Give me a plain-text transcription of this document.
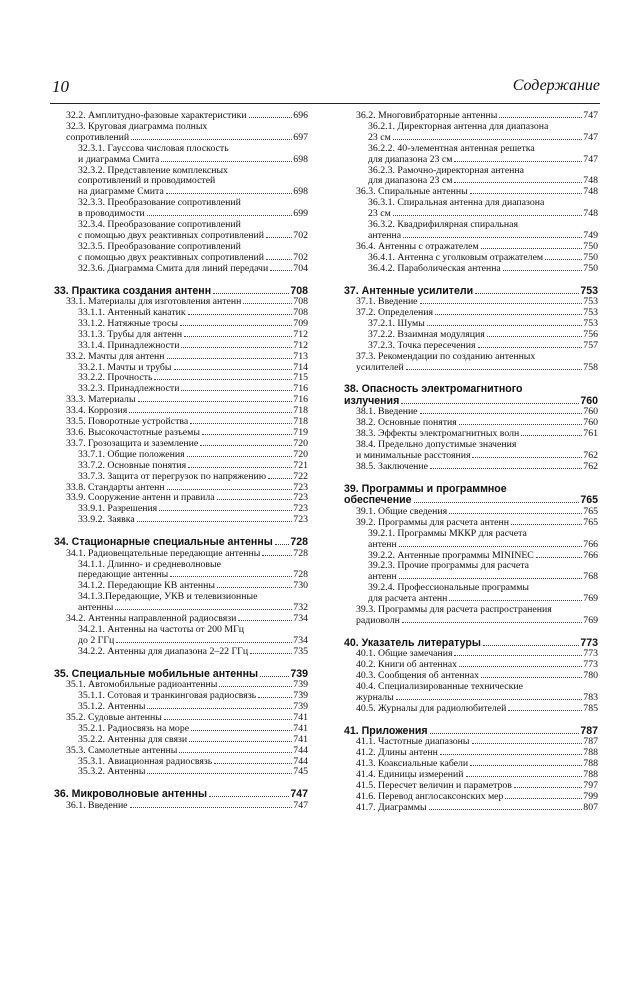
10	Содержание
32.2. Амплитудно-фазовые характеристики	696
32.3. Круговая диаграмма полных
сопротивлений	697
32.3.1. Гауссова числовая плоскость
и диаграмма Смита	698
32.3.2. Представление комплексных
сопротивлений и проводимостей
на диаграмме Смита	698
32.3.3. Преобразование сопротивлений
в проводимости	699
32.3.4. Преобразование сопротивлений
с помощью двух реактивных сопротивлений	702
32.3.5. Преобразование сопротивлений
с помощью двух реактивных сопротивлений	702
32.3.6. Диаграмма Смита для линий передачи	704
33. Практика создания антенн	708
33.1. Материалы для изготовления антенн	708
33.1.1. Антенный канатик	708
33.1.2. Натяжные тросы	709
33.1.3. Трубы для антенн	712
33.1.4. Принадлежности	712
33.2. Мачты для антенн	713
33.2.1. Мачты и трубы	714
33.2.2. Прочность	715
33.2.3. Принадлежности	716
33.3. Материалы	716
33.4. Коррозия	718
33.5. Поворотные устройства	718
33.6. Высокочастотные разъемы	719
33.7. Грозозащита и заземление	720
33.7.1. Общие положения	720
33.7.2. Основные понятия	721
33.7.3. Защита от перегрузок по напряжению	722
33.8. Стандарты антенн	723
33.9. Сооружение антенн и правила	723
33.9.1. Разрешения	723
33.9.2. Заявка	723
34. Стационарные специальные антенны 728
34.1. Радиовещательные передающие антенны	728
34.1.1. Длинно- и средневолновые
передающие антенны	728
34.1.2. Передающие КВ антенны	730
34.1.3.Передающие, УКВ и телевизионные
антенны	732
34.2. Антенны направленной радиосвязи	734
34.2.1. Антенны на частоты от 200 МГц
до 2 ГГц	734
34.2.2. Антенны для диапазона 2–22 ГГц	735
35. Специальные мобильные антенны	739
35.1. Автомобильные радиоантенны	739
35.1.1. Сотовая и транкинговая радиосвязь	739
35.1.2. Антенны	739
35.2. Судовые антенны	741
35.2.1. Радиосвязь на море	741
35.2.2. Антенны для связи	741
35.3. Самолетные антенны	744
35.3.1. Авиационная радиосвязь	744
35.3.2. Антенны	745
36. Микроволновые антенны	747
36.1. Введение	747
36.2. Многовибраторные антенны	747
36.2.1. Директорная антенна для диапазона
23 см	747
36.2.2. 40-элементная антенная решетка
для диапазона 23 см	747
36.2.3. Рамочно-директорная антенна
для диапазона 23 см	748
36.3. Спиральные антенны	748
36.3.1. Спиральная антенна для диапазона
23 см	748
36.3.2. Квадрифилярная спиральная
антенна	749
36.4. Антенны с отражателем	750
36.4.1. Антенна с уголковым отражателем	750
36.4.2. Параболическая антенна	750
37. Антенные усилители	753
37.1. Введение	753
37.2. Определения	753
37.2.1. Шумы	753
37.2.2. Взаимная модуляция	756
37.2.3. Точка пересечения	757
37.3. Рекомендации по созданию антенных
усилителей	758
38. Опасность электромагнитного
излучения	760
38.1. Введение	760
38.2. Основные понятия	760
38.3. Эффекты электромагнитных волн	761
38.4. Предельно допустимые значения
и минимальные расстояния	762
38.5. Заключение	762
39. Программы и программное
обеспечение	765
39.1. Общие сведения	765
39.2. Программы для расчета антенн	765
39.2.1. Программы МККР для расчета
антенн	766
39.2.2. Антенные программы MININEC	766
39.2.3. Прочие программы для расчета
антенн	768
39.2.4. Профессиональные программы
для расчета антенн	769
39.3. Программы для расчета распространения
радиоволн	769
40. Указатель литературы	773
40.1. Общие замечания	773
40.2. Книги об антеннах	773
40.3. Сообщения об антеннах	780
40.4. Специализированные технические
журналы	783
40.5. Журналы для радиолюбителей	785
41. Приложения	787
41.1. Частотные диапазоны	787
41.2. Длины антенн	788
41.3. Коаксиальные кабели	788
41.4. Единицы измерений	788
41.5. Пересчет величин и параметров	797
41.6. Перевод англосаксонских мер	799
41.7. Диаграммы	807
